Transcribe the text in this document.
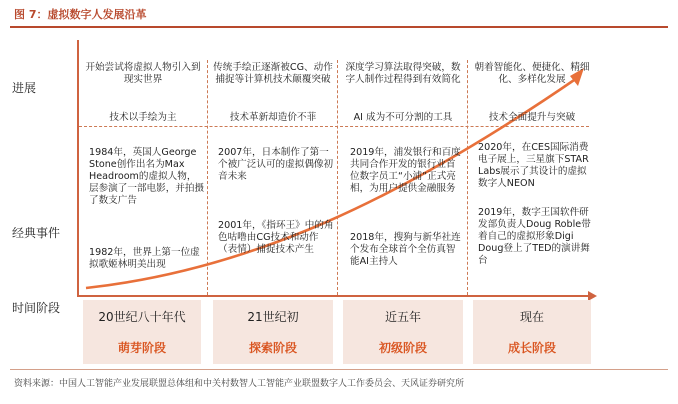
图 7：虚拟数字人发展沿革
进展
经典事件
时间阶段
开始尝试将虚拟人物引入到现实世界
技术以手绘为主
1984年，英国人George Stone创作出名为Max Headroom的虚拟人物，层参演了一部电影，并拍摄了数支广告
1982年，世界上第一位虚拟歌姬林明美出现
20世纪八十年代
萌芽阶段
传统手绘正逐渐被CG、动作捕捉等计算机技术颠覆突破
技术革新却造价不菲
2007年，日本制作了第一个被广泛认可的虚拟偶像初音未来
2001年，《指环王》中的角色咕噜由CG技术和动作（表情）捕捉技术产生
21世纪初
探索阶段
深度学习算法取得突破，数字人制作过程得到有效简化
AI 成为不可分割的工具
2019年，浦发银行和百度共同合作开发的银行业首位数字员工“小浦”正式亮相，为用户提供金融服务
2018年，搜狗与新华社连个发布全球首个全仿真智能AI主持人
近五年
初级阶段
朝着智能化、便捷化、精细化、多样化发展
技术全面提升与突破
2020年，在CES国际消费电子展上，三星旗下STAR Labs展示了其设计的虚拟数字人NEON
2019年，数字王国软件研发部负责人Doug Roble带着自己的虚拟形象Digi Doug登上了TED的演讲舞台
现在
成长阶段
资料来源：中国人工智能产业发展联盟总体组和中关村数智人工智能产业联盟数字人工作委员会、天风证券研究所
